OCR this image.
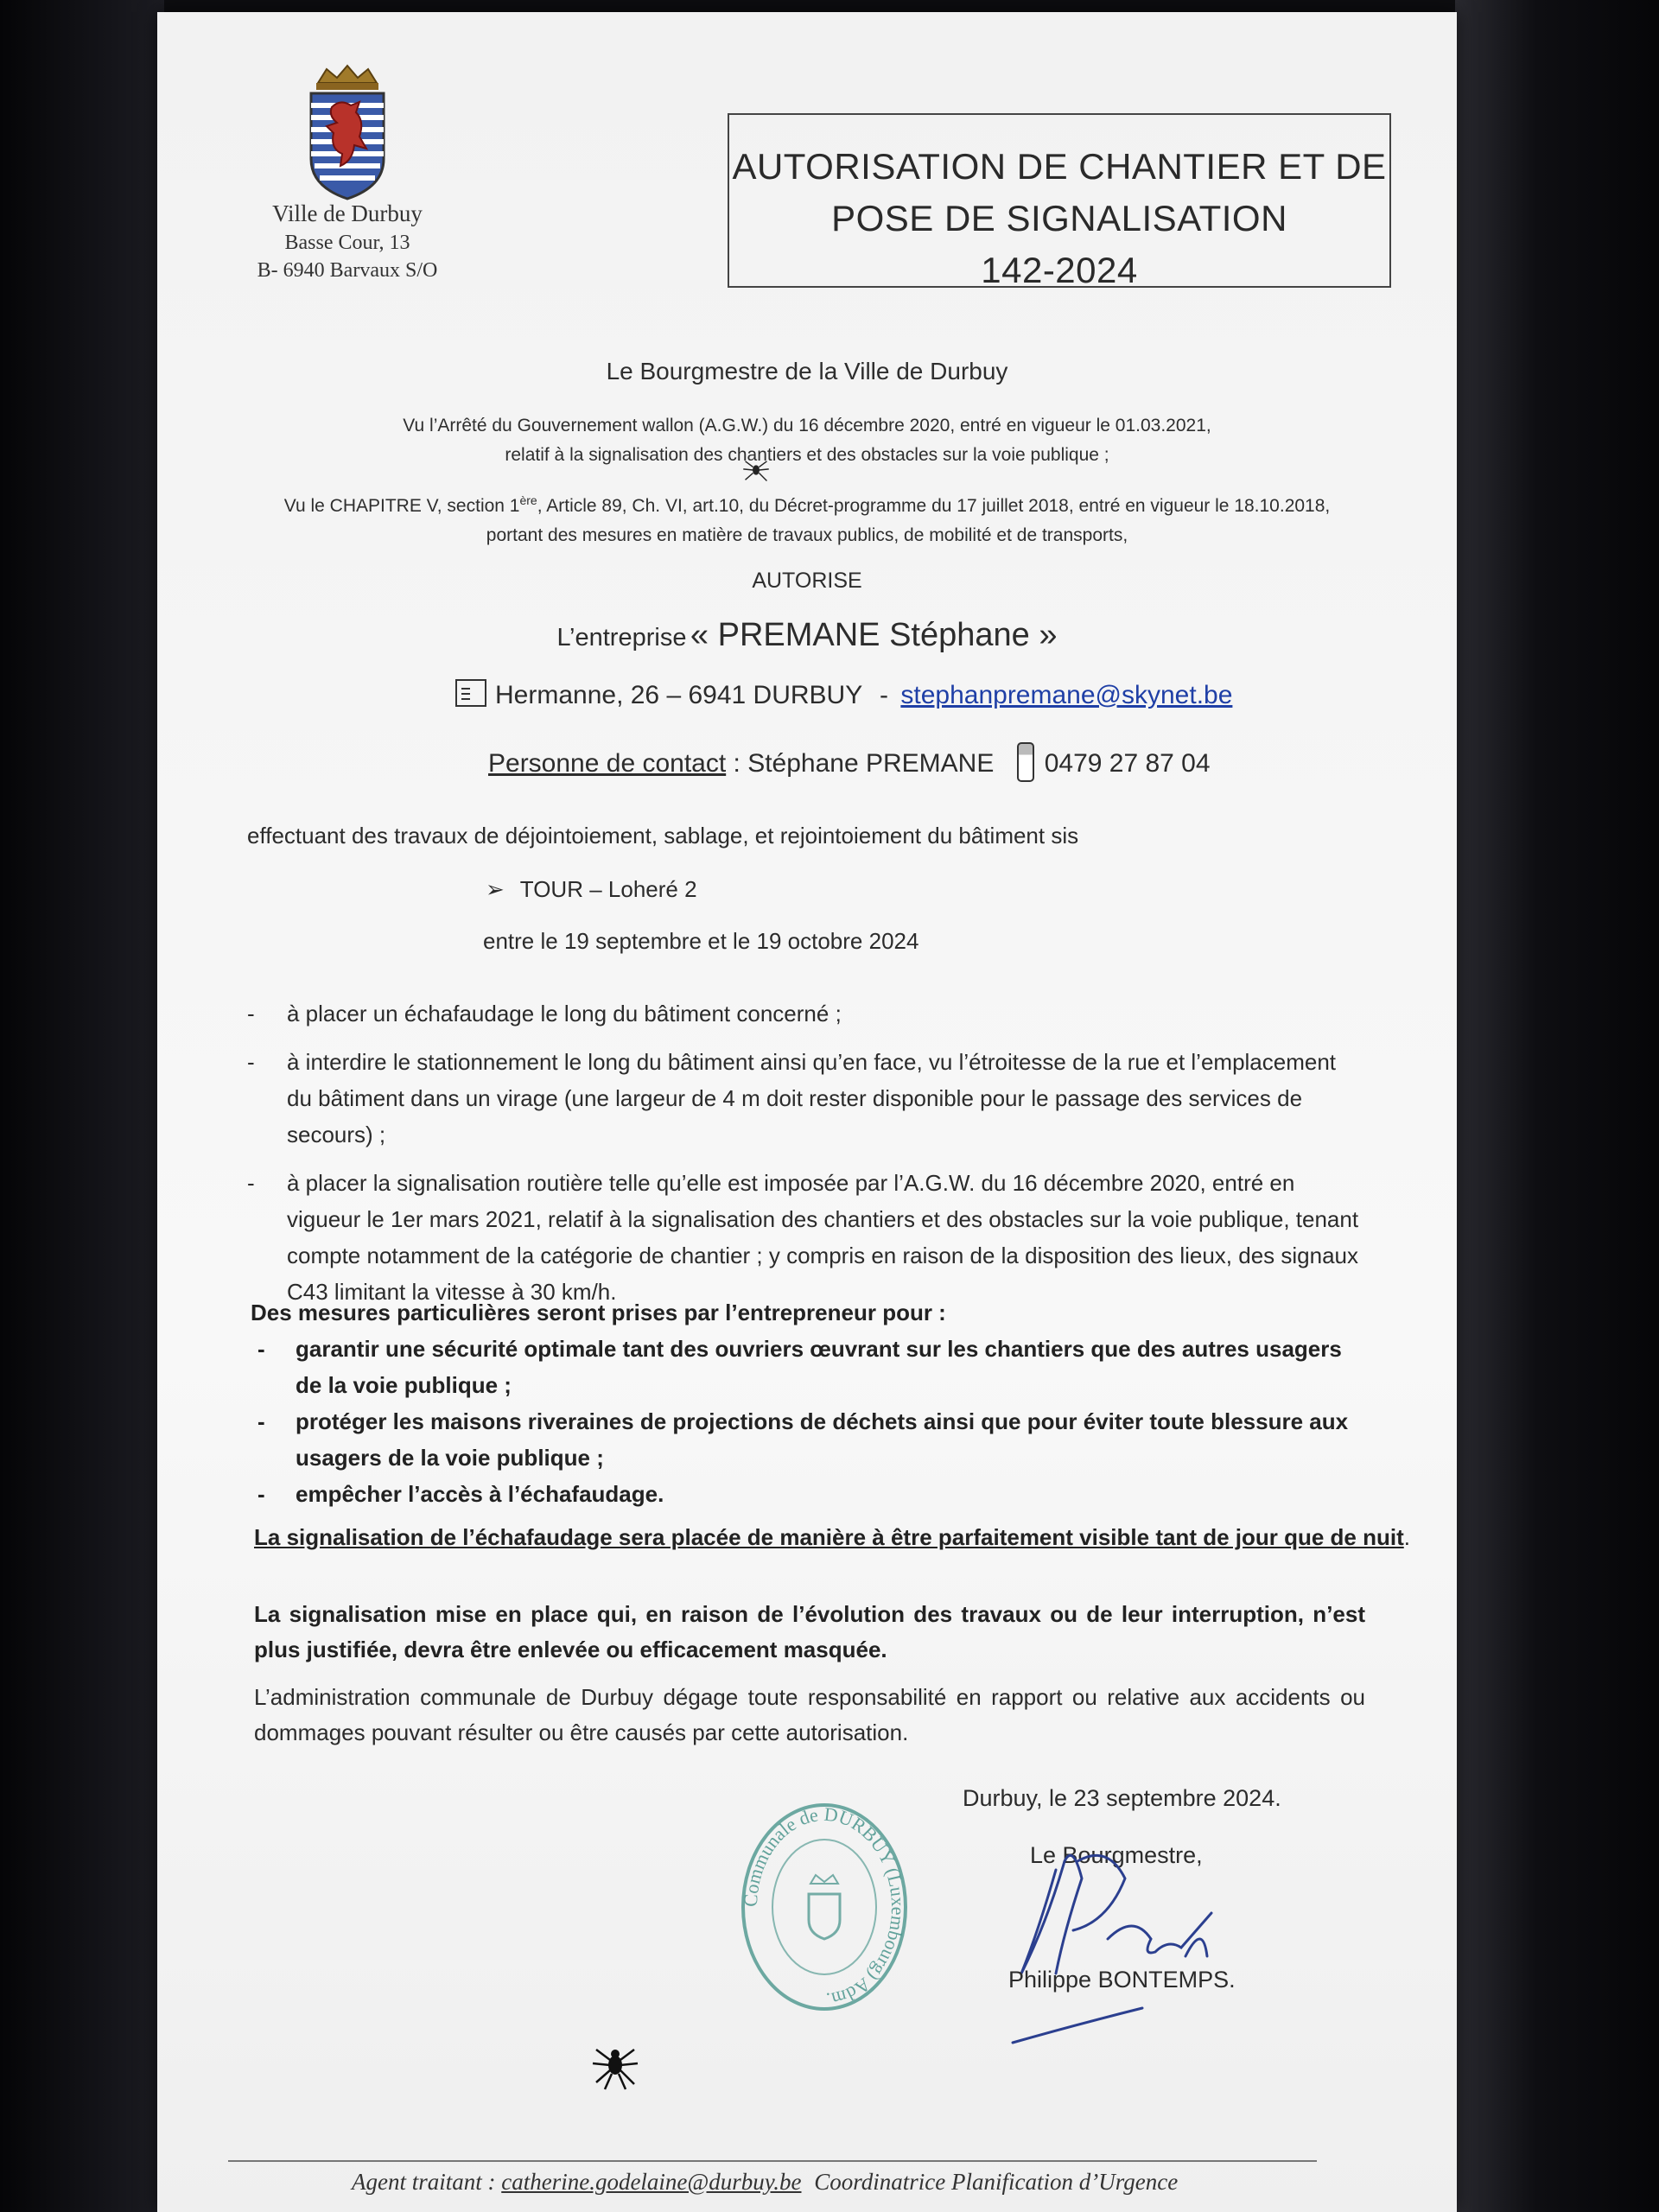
Ville de Durbuy
Basse Cour, 13
B- 6940 Barvaux S/O
AUTORISATION DE CHANTIER ET DE
POSE DE SIGNALISATION
142-2024
Le Bourgmestre de la Ville de Durbuy
Vu l’Arrêté du Gouvernement wallon (A.G.W.) du 16 décembre 2020, entré en vigueur le 01.03.2021,
relatif à la signalisation des chantiers et des obstacles sur la voie publique ;
Vu le CHAPITRE V, section 1ère, Article 89, Ch. VI, art.10, du Décret-programme du 17 juillet 2018, entré en vigueur le 18.10.2018,
portant des mesures en matière de travaux publics, de mobilité et de transports,
AUTORISE
L’entreprise « PREMANE Stéphane »
Hermanne, 26 – 6941 DURBUY - stephanpremane@skynet.be
Personne de contact : Stéphane PREMANE 0479 27 87 04
effectuant des travaux de déjointoiement, sablage, et rejointoiement du bâtiment sis
➢ TOUR – Loheré 2
entre le 19 septembre et le 19 octobre 2024
- à placer un échafaudage le long du bâtiment concerné ;
- à interdire le stationnement le long du bâtiment ainsi qu’en face, vu l’étroitesse de la rue et l’emplacement du bâtiment dans un virage (une largeur de 4 m doit rester disponible pour le passage des services de secours) ;
- à placer la signalisation routière telle qu’elle est imposée par l’A.G.W. du 16 décembre 2020, entré en vigueur le 1er mars 2021, relatif à la signalisation des chantiers et des obstacles sur la voie publique, tenant compte notamment de la catégorie de chantier ; y compris en raison de la disposition des lieux, des signaux C43 limitant la vitesse à 30 km/h.
Des mesures particulières seront prises par l’entrepreneur pour :
- garantir une sécurité optimale tant des ouvriers œuvrant sur les chantiers que des autres usagers de la voie publique ;
- protéger les maisons riveraines de projections de déchets ainsi que pour éviter toute blessure aux usagers de la voie publique ;
- empêcher l’accès à l’échafaudage.
La signalisation de l’échafaudage sera placée de manière à être parfaitement visible tant de jour que de nuit.
La signalisation mise en place qui, en raison de l’évolution des travaux ou de leur interruption, n’est plus justifiée, devra être enlevée ou efficacement masquée.
L’administration communale de Durbuy dégage toute responsabilité en rapport ou relative aux accidents ou dommages pouvant résulter ou être causés par cette autorisation.
Communale de DURBUY (Luxembourg) Adm.
Durbuy, le 23 septembre 2024.
Le Bourgmestre,
Philippe BONTEMPS.
Agent traitant : catherine.godelaine@durbuy.be Coordinatrice Planification d’Urgence
